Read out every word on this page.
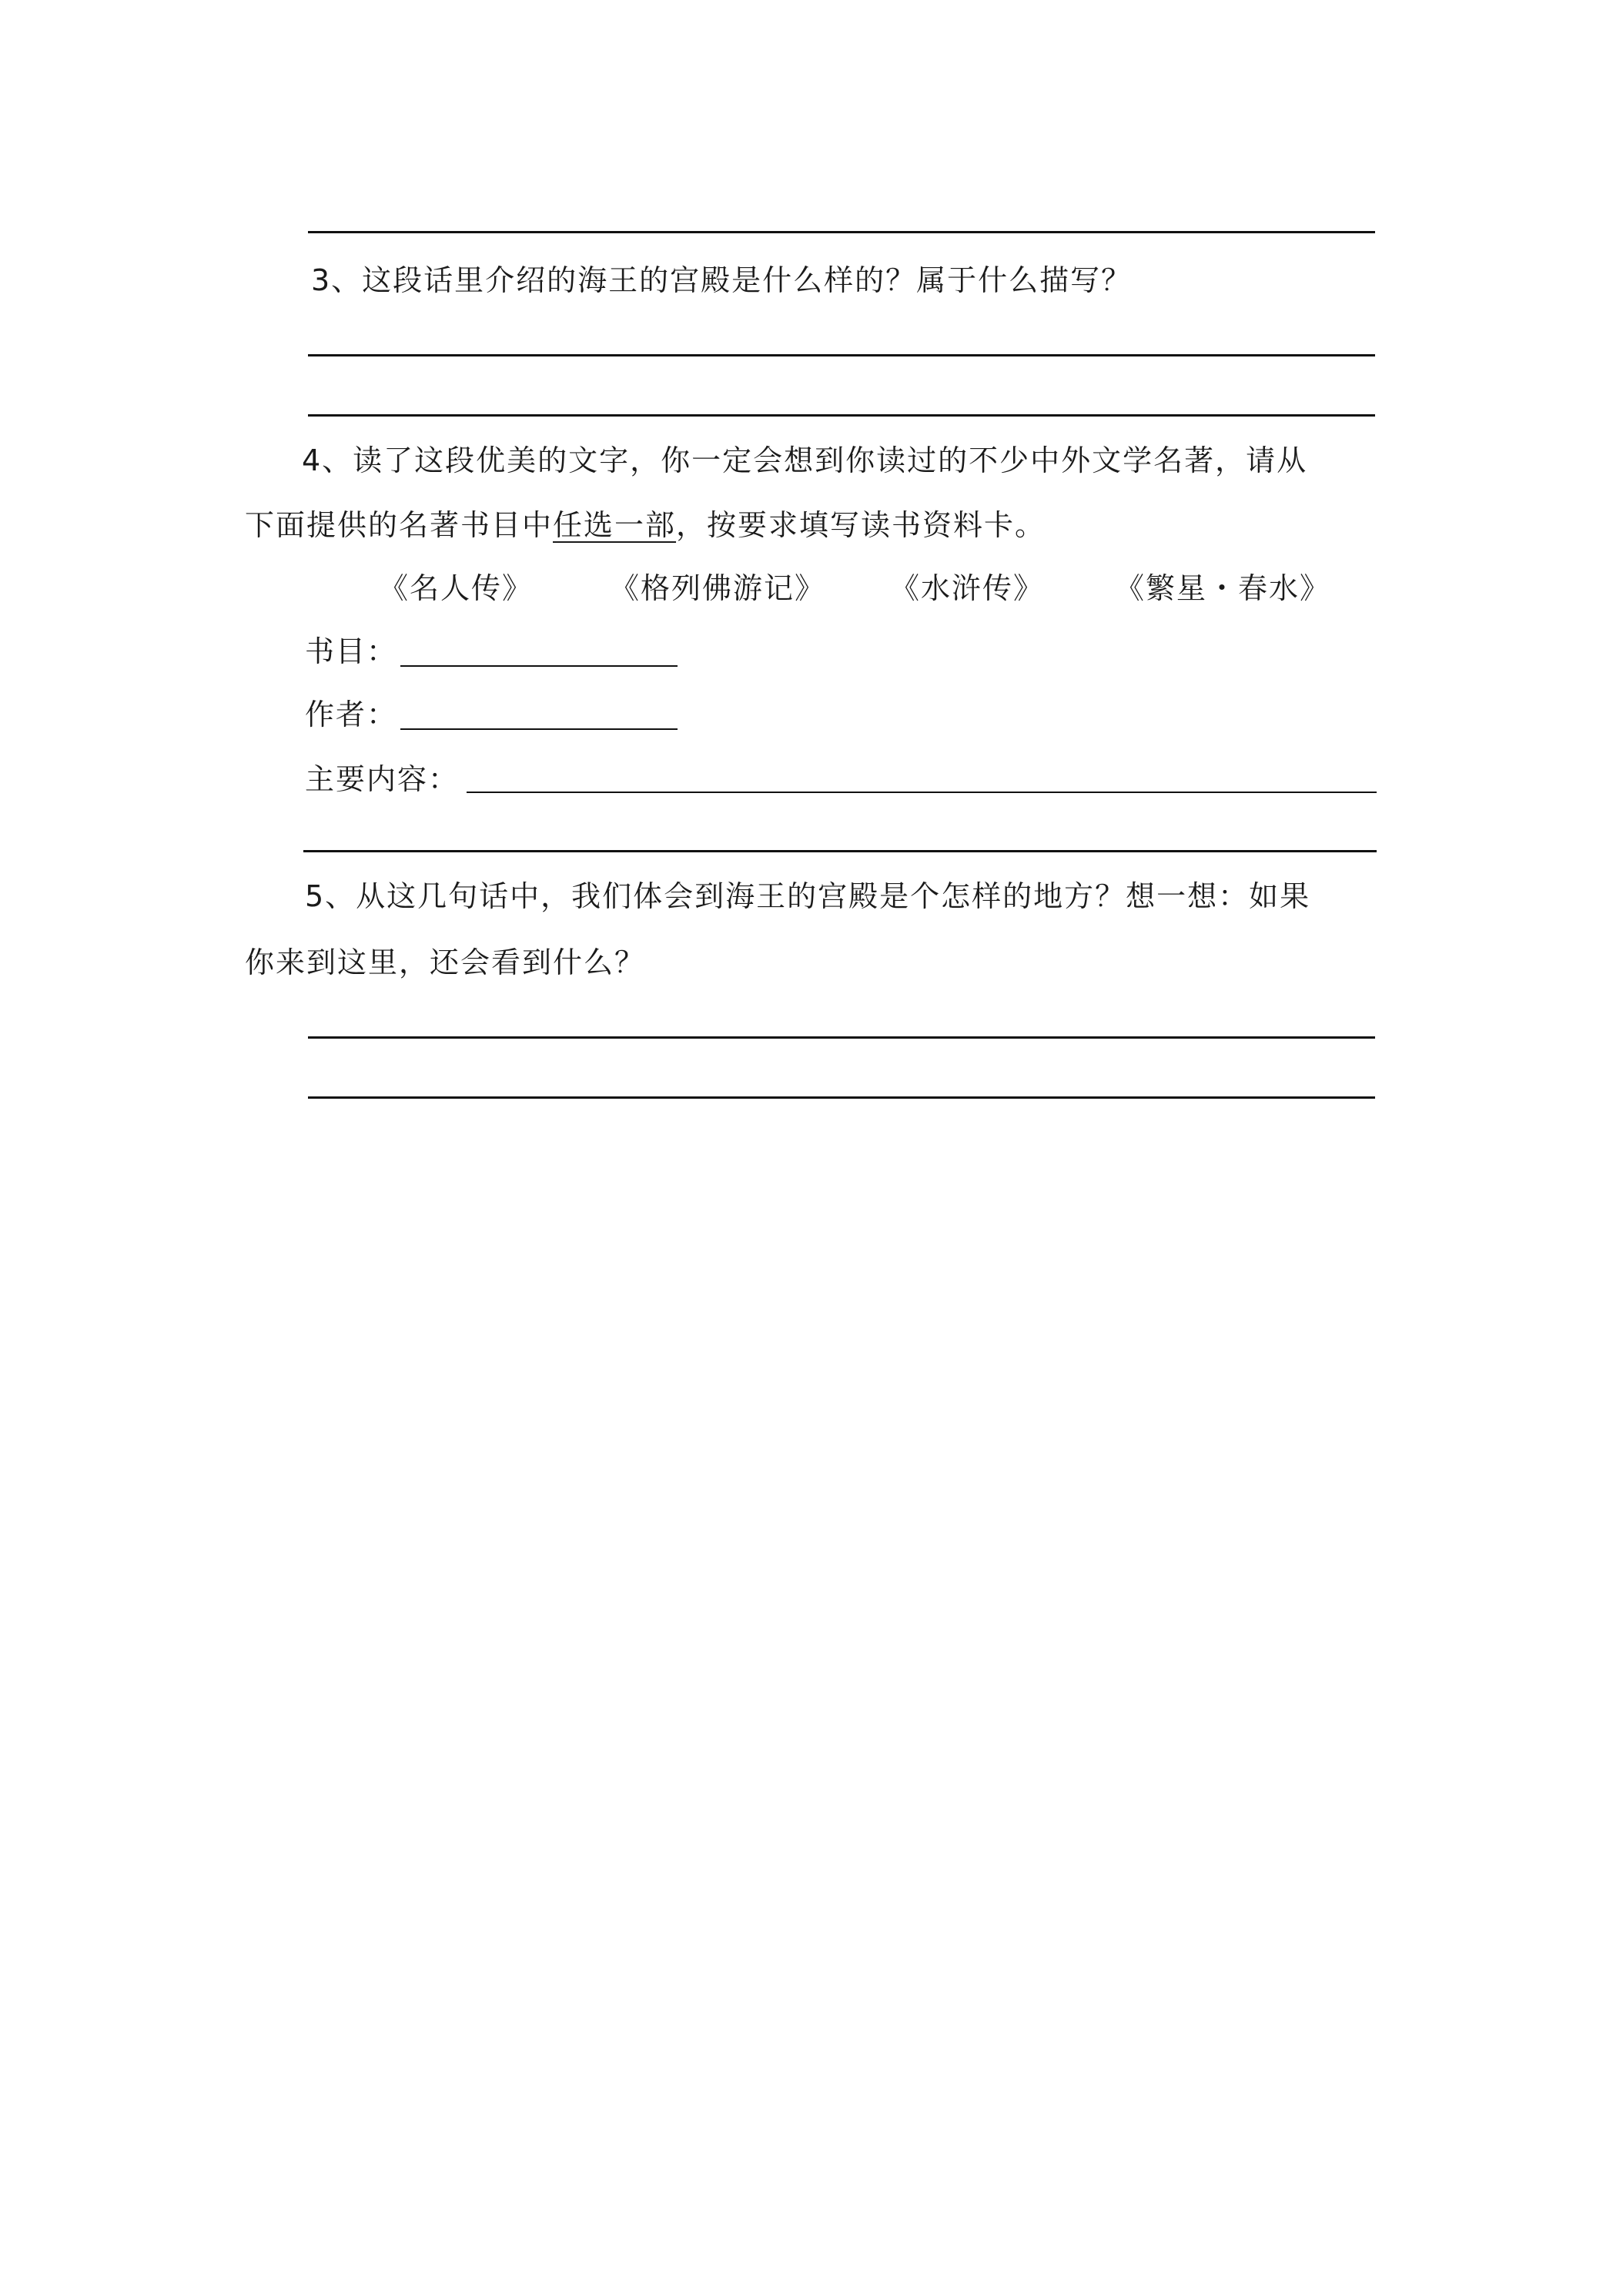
3、这段话里介绍的海王的宫殿是什么样的？属于什么描写？
4、读了这段优美的文字，你一定会想到你读过的不少中外文学名著，请从
下面提供的名著书目中任选一部，按要求填写读书资料卡。
《名人传》	《格列佛游记》 《水浒传》 《繁星・春水》
书目：
作者：
主要内容：
5、从这几句话中，我们体会到海王的宫殿是个怎样的地方？想一想：如果
你来到这里，还会看到什么？
